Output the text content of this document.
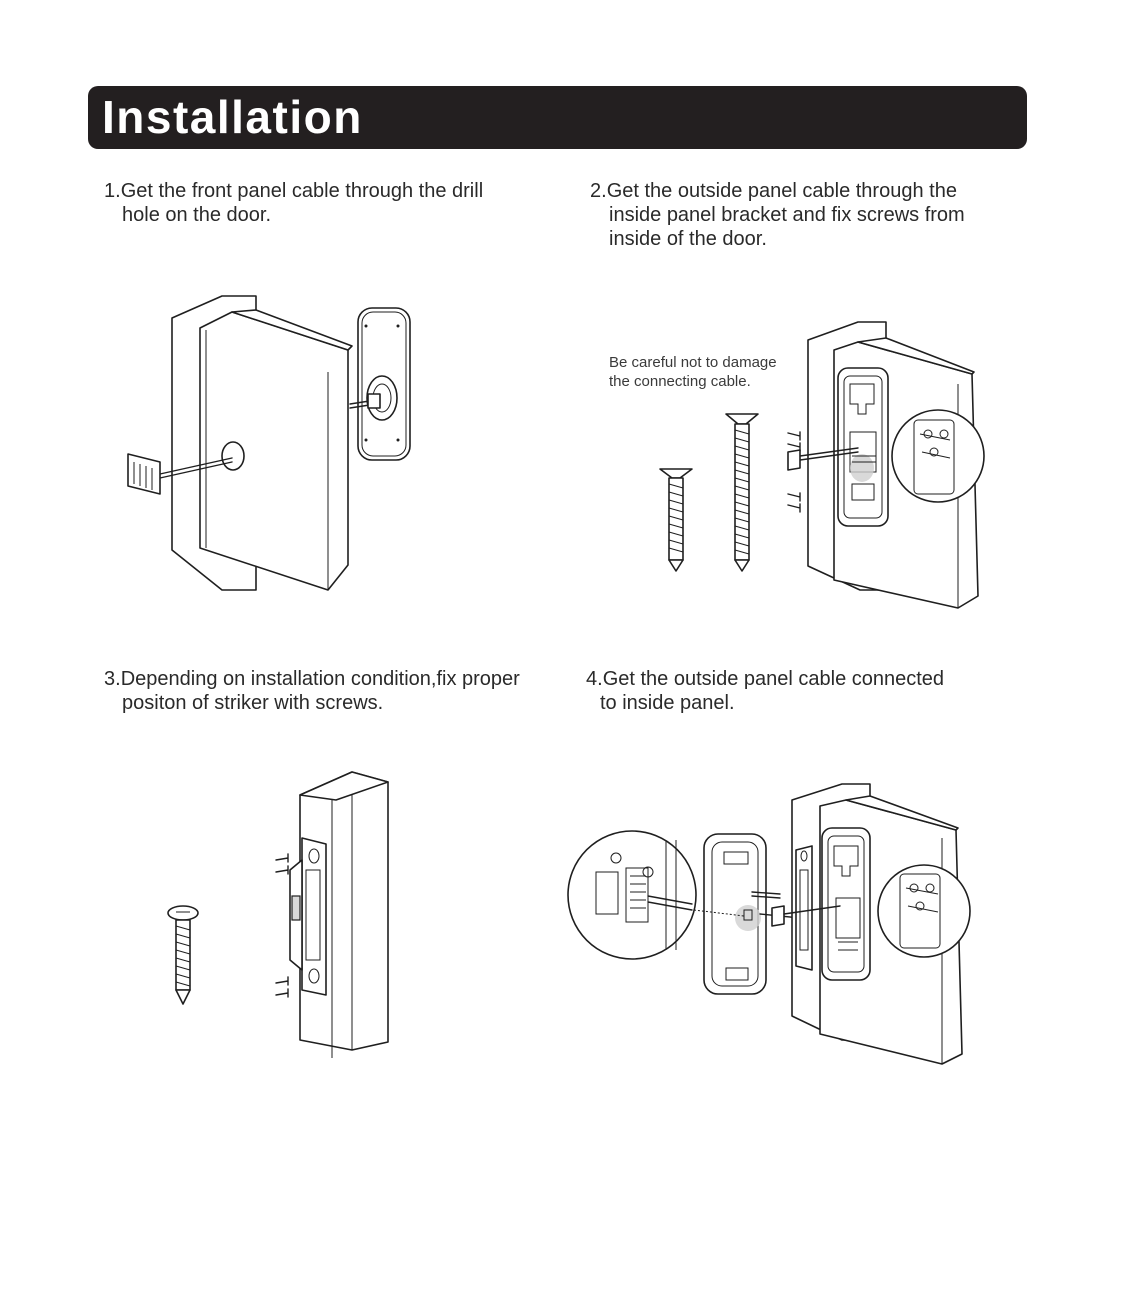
Installation
1.Get the front panel cable through the drill
hole on the door.
2.Get the outside panel cable through the
inside panel bracket and fix screws from
inside of the door.
3.Depending on installation condition,fix proper
positon of striker with screws.
4.Get the outside panel cable connected
to inside panel.
Be careful not to damage
the connecting cable.
